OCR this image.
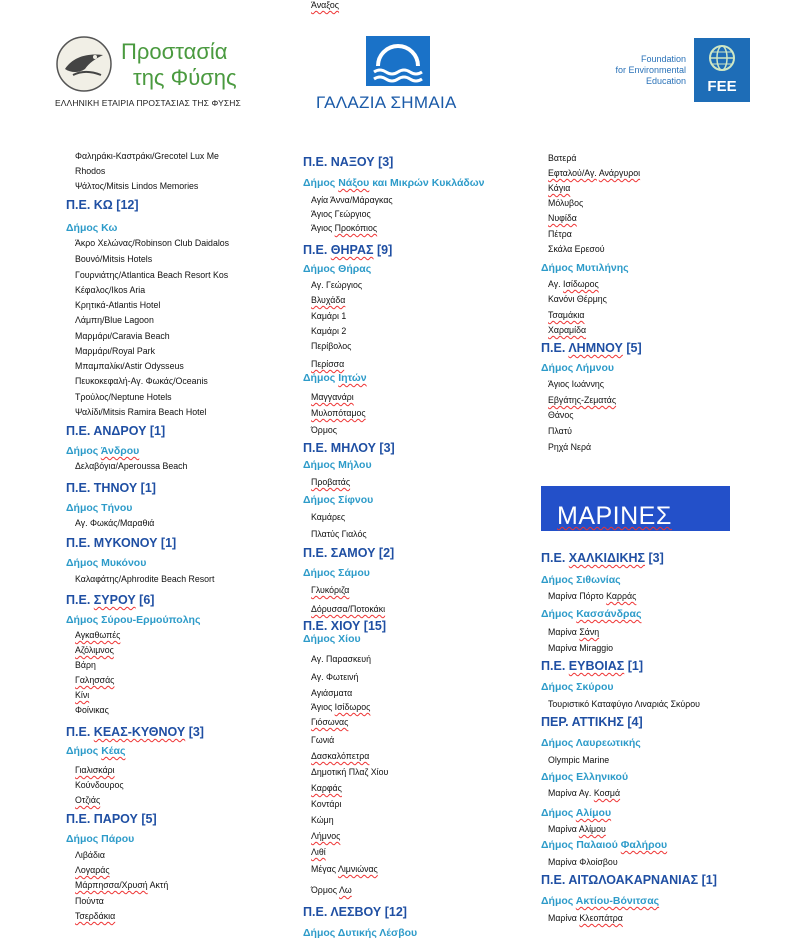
Προστασία
της Φύσης
ΕΛΛΗΝΙΚΗ ΕΤΑΙΡΙΑ ΠΡΟΣΤΑΣΙΑΣ ΤΗΣ ΦΥΣΗΣ	ΓΑΛΑΖΙΑ ΣΗΜΑΙΑ
Foundation
for Environmental
Education	FEE
Φαληράκι-Καστράκι/Grecotel Lux Me
Rhodos
Ψάλτος/Mitsis Lindos Memories
Π.Ε. ΚΩ [12]
Δήμος Κω
Άκρο Χελώνας/Robinson Club Daidalos
Βουνό/Mitsis Hotels
Γουρνιάτης/Atlantica Beach Resort Kos
Κέφαλος/Ikos Aria
Κρητικά-Atlantis Hotel
Λάμπη/Blue Lagoon
Μαρμάρι/Caravia Beach
Μαρμάρι/Royal Park
Μπαμπαλίκι/Astir Odysseus
Πευκοκεφαλή-Αγ. Φωκάς/Oceanis
Τρούλος/Neptune Hotels
Ψαλίδι/Mitsis Ramira Beach Hotel
Π.Ε. ΑΝΔΡΟΥ [1]
Δήμος Άνδρου
Δελαβόγια/Aperoussa Beach
Π.Ε. ΤΗΝΟΥ [1]
Δήμος Τήνου
Αγ. Φωκάς/Μαραθιά
Π.Ε. ΜΥΚΟΝΟΥ [1]
Δήμος Μυκόνου
Καλαφάτης/Aphrodite Beach Resort
Π.Ε. ΣΥΡΟΥ [6]
Δήμος Σύρου-Ερμούπολης
Αγκαθωπές
Αζόλιμνος
Βάρη
Γαλησσάς
Κίνι
Φοίνικας
Π.Ε. ΚΕΑΣ-ΚΥΘΝΟΥ [3]
Δήμος Κέας
Γιαλισκάρι
Κούνδουρος
Οτζιάς
Π.Ε. ΠΑΡΟΥ [5]
Δήμος Πάρου
Λιβάδια
Λογαράς
Μάρπησσα/Χρυσή Ακτή
Πούντα
Τσερδάκια
Π.Ε. ΝΑΞΟΥ [3]
Δήμος Νάξου και Μικρών Κυκλάδων
Αγία Άννα/Μάραγκας
Άγιος Γεώργιος
Άγιος Προκόπιος
Π.Ε. ΘΗΡΑΣ [9]
Δήμος Θήρας
Αγ. Γεώργιος
Βλυχάδα
Καμάρι 1
Καμάρι 2
Περίβολος
Περίσσα
Δήμος Ιητών
Μαγγανάρι
Μυλοπόταμος
Όρμος
Π.Ε. ΜΗΛΟΥ [3]
Δήμος Μήλου
Προβατάς
Δήμος Σίφνου
Καμάρες
Πλατύς Γιαλός
Π.Ε. ΣΑΜΟΥ [2]
Δήμος Σάμου
Γλυκόριζα
Δόρυσσα/Ποτοκάκι
Π.Ε. ΧΙΟΥ [15]
Δήμος Χίου
Αγ. Παρασκευή
Αγ. Φωτεινή
Αγιάσματα
Άγιος Ισίδωρος
Γιόσωνας
Γωνιά
Δασκαλόπετρα
Δημοτική Πλαζ Χίου
Καρφάς
Κοντάρι
Κώμη
Λήμνος
Λιθί
Μέγας Λιμνιώνας
Όρμος Λω
Π.Ε. ΛΕΣΒΟΥ [12]
Δήμος Δυτικής Λέσβου
Άναξος
Βατερά
Εφταλού/Αγ. Ανάργυροι
Κάγια
Μόλυβος
Νυφίδα
Πέτρα
Σκάλα Ερεσού
Δήμος Μυτιλήνης
Αγ. Ισίδωρος
Κανόνι Θέρμης
Τσαμάκια
Χαραμίδα
Π.Ε. ΛΗΜΝΟΥ [5]
Δήμος Λήμνου
Άγιος Ιωάννης
Εβγάτης-Ζεματάς
Θάνος
Πλατύ
Ρηχά Νερά
Π.Ε. ΧΑΛΚΙΔΙΚΗΣ [3]
Δήμος Σιθωνίας
Μαρίνα Πόρτο Καρράς
Δήμος Κασσάνδρας
Μαρίνα Σάνη
Μαρίνα Miraggio
Π.Ε. ΕΥΒΟΙΑΣ [1]
Δήμος Σκύρου
Τουριστικό Καταφύγιο Λιναριάς Σκύρου
ΠΕΡ. ΑΤΤΙΚΗΣ [4]
Δήμος Λαυρεωτικής
Olympic Marine
Δήμος Ελληνικού
Μαρίνα Αγ. Κοσμά
Δήμος Αλίμου
Μαρίνα Αλίμου
Δήμος Παλαιού Φαλήρου
Μαρίνα Φλοίσβου
Π.Ε. ΑΙΤΩΛΟΑΚΑΡΝΑΝΙΑΣ [1]
Δήμος Ακτίου-Βόνιτσας
Μαρίνα Κλεοπάτρα
ΜΑΡΙΝΕΣ
